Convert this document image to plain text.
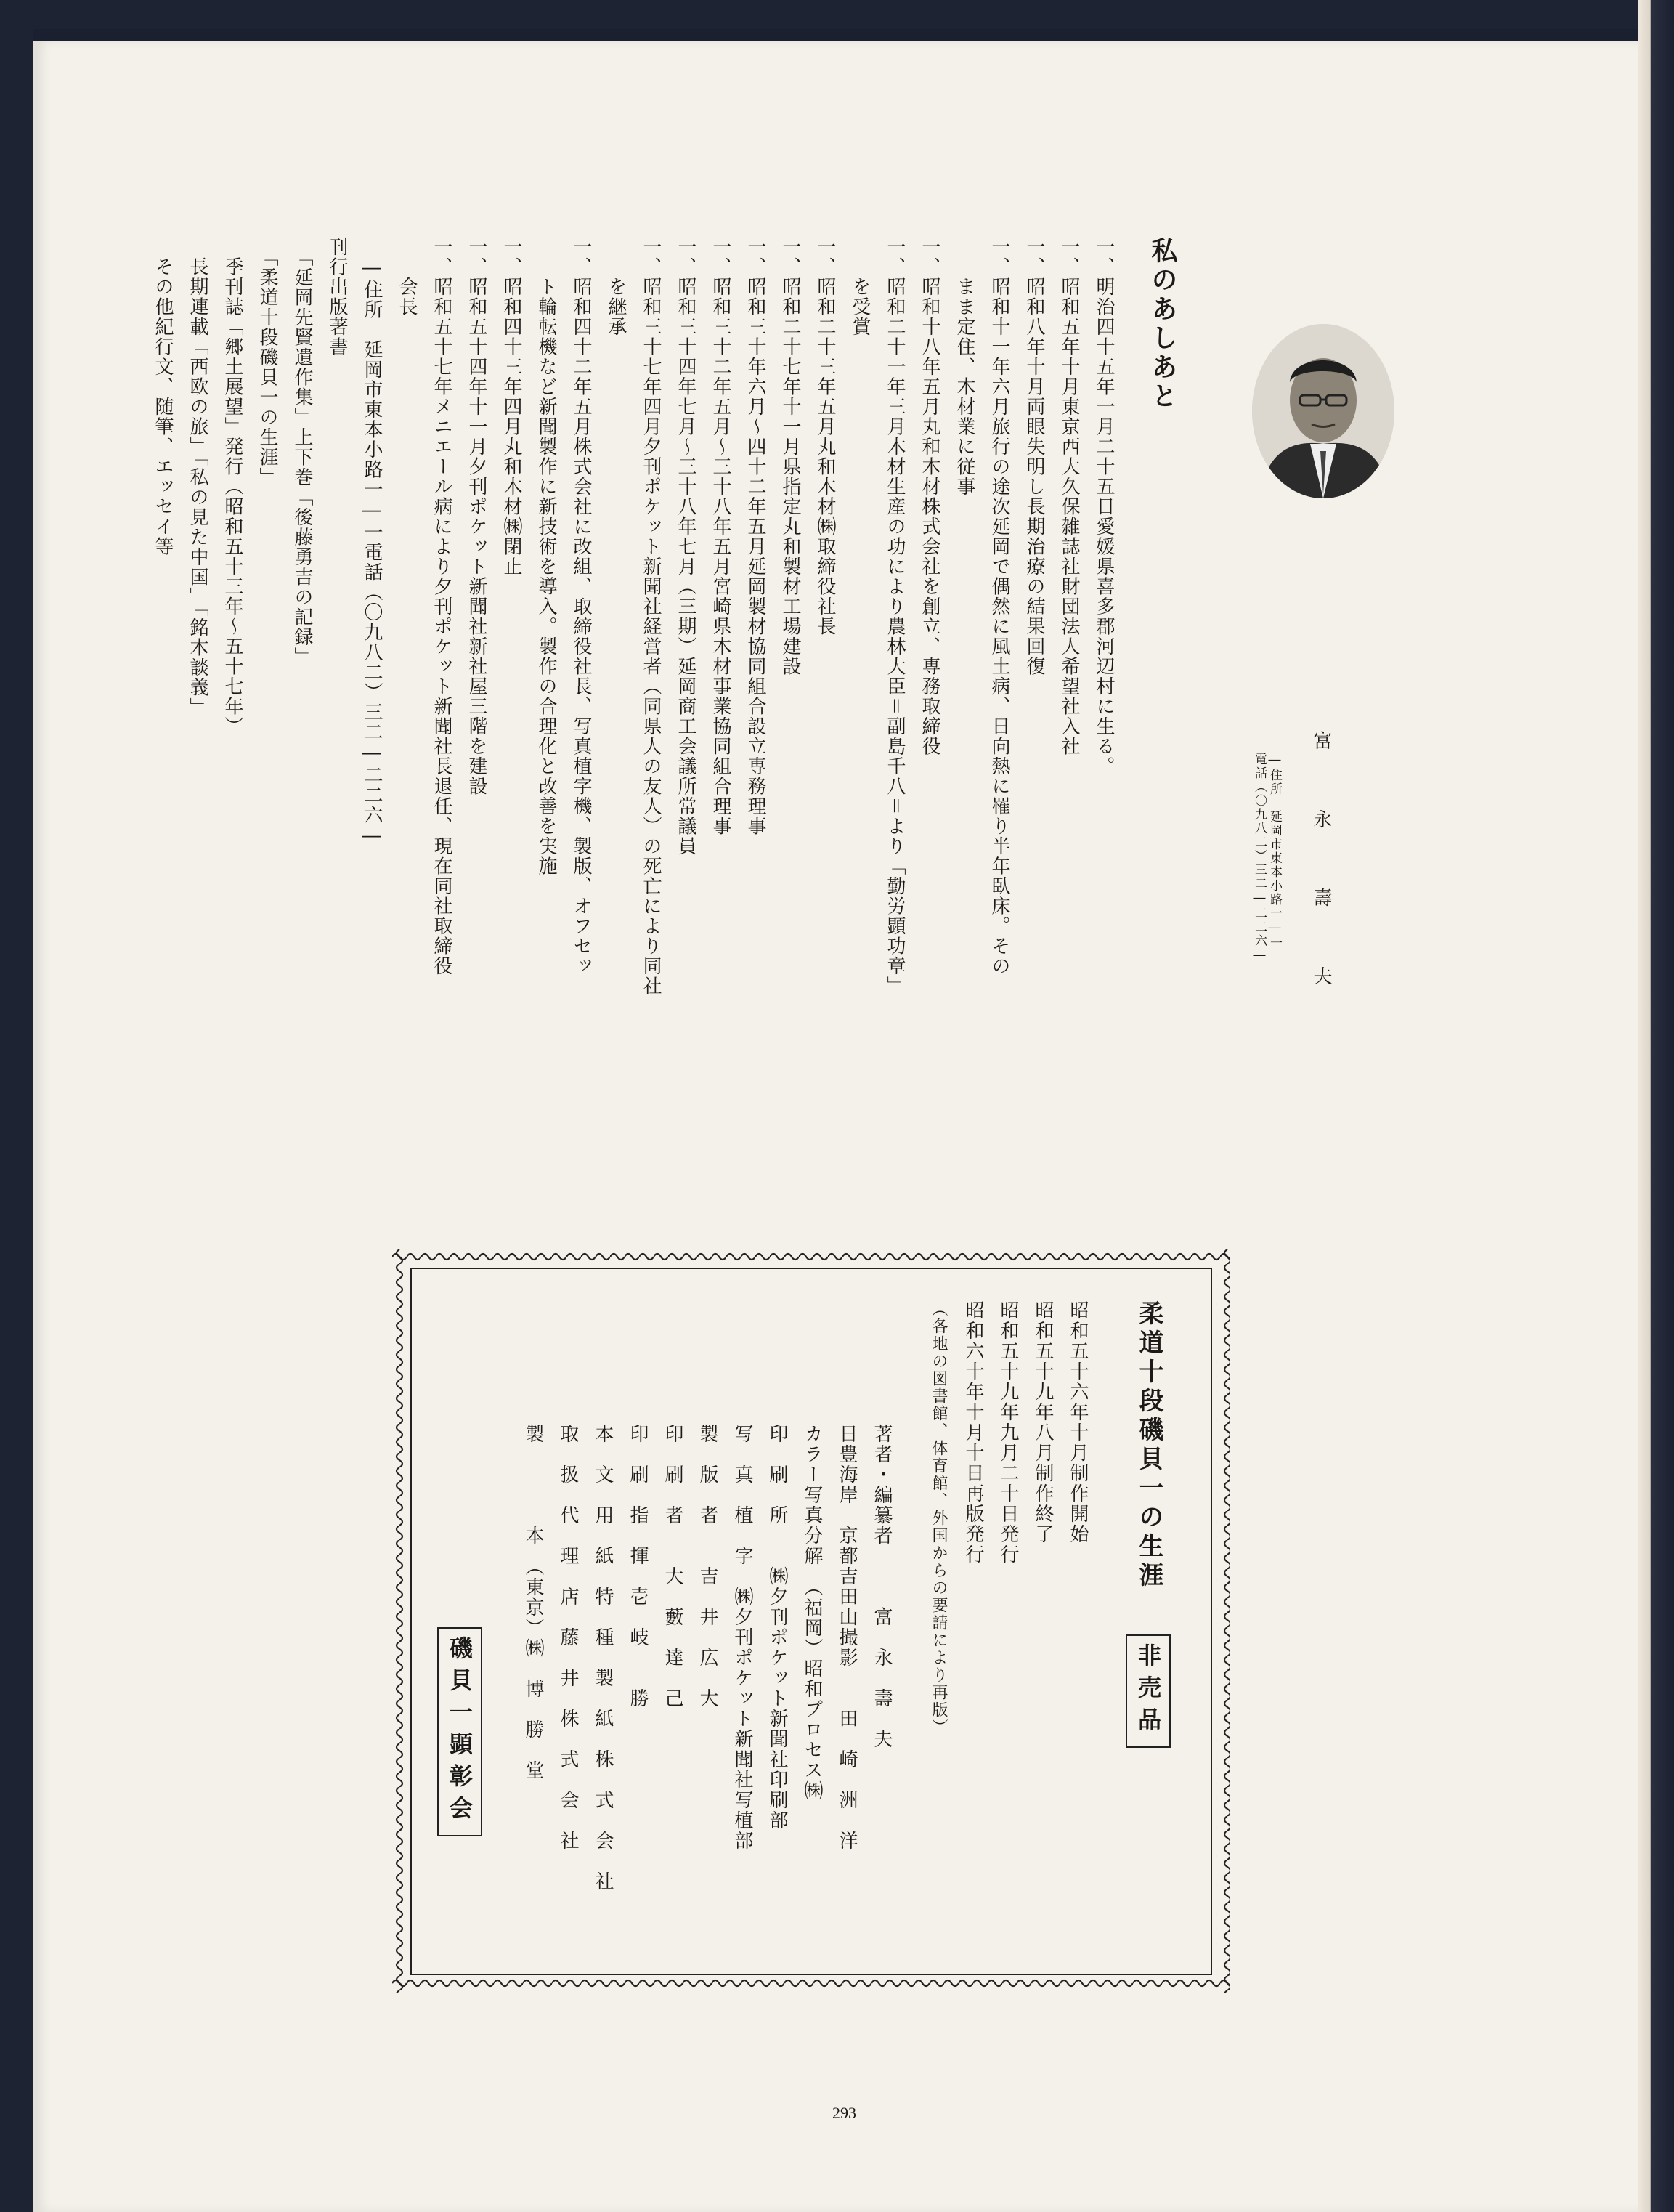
富　永　壽　夫
―住所　延岡市東本小路一―一
電話（〇九八二）三二―二二六―
私のあしあと

一、明治四十五年一月二十五日愛媛県喜多郡河辺村に生る。

一、昭和五年十月東京西大久保雑誌社財団法人希望社入社

一、昭和八年十月両眼失明し長期治療の結果回復

一、昭和十一年六月旅行の途次延岡で偶然に風土病、日向熱に罹り半年臥床。その

　　まま定住、木材業に従事

一、昭和十八年五月丸和木材株式会社を創立、専務取締役

一、昭和二十一年三月木材生産の功により農林大臣＝副島千八＝より「勤労顕功章」

　　を受賞

一、昭和二十三年五月丸和木材㈱取締役社長

一、昭和二十七年十一月県指定丸和製材工場建設

一、昭和三十年六月～四十二年五月延岡製材協同組合設立専務理事

一、昭和三十二年五月～三十八年五月宮崎県木材事業協同組合理事

一、昭和三十四年七月～三十八年七月（三期）延岡商工会議所常議員

一、昭和三十七年四月夕刊ポケット新聞社経営者（同県人の友人）の死亡により同社

　　を継承

一、昭和四十二年五月株式会社に改組、取締役社長、写真植字機、製版、オフセッ

　　ト輪転機など新聞製作に新技術を導入。製作の合理化と改善を実施

一、昭和四十三年四月丸和木材㈱閉止

一、昭和五十四年十一月夕刊ポケット新聞社新社屋三階を建設

一、昭和五十七年メニエール病により夕刊ポケット新聞社長退任、現在同社取締役

　　会長

　―住所　延岡市東本小路一―一電話（〇九八二）三二―二二六―

刊行出版著書

　「延岡先賢遺作集」上下巻「後藤勇吉の記録」

　「柔道十段磯貝一の生涯」

　季刊誌「郷土展望」発行（昭和五十三年～五十七年）

　長期連載「西欧の旅」「私の見た中国」「銘木談義」

　その他紀行文、随筆、エッセイ等

柔道十段磯貝一の生涯
非売品

昭和五十六年十月制作開始

昭和五十九年八月制作終了

昭和五十九年九月二十日発行

昭和六十年十月十日再版発行

（各地の図書館、体育館、外国からの要請により再版）

著者・編纂者　　　富　永　壽　夫

日豊海岸　京都吉田山撮影　　田　崎　洲　洋

カラー写真分解　（福岡）昭和プロセス㈱

印　刷　所　　㈱夕刊ポケット新聞社印刷部

写　真　植　字　㈱夕刊ポケット新聞社写植部

製　版　者　　吉　井　広　大

印　刷　者　　大　藪　達　己

印　刷　指　揮　壱　岐　　勝

本　文　用　紙　特　種　製　紙　株　式　会　社

取　扱　代　理　店　藤　井　株　式　会　社

製　　　　本　（東京）㈱　博　勝　堂

磯貝一顕彰会
293
